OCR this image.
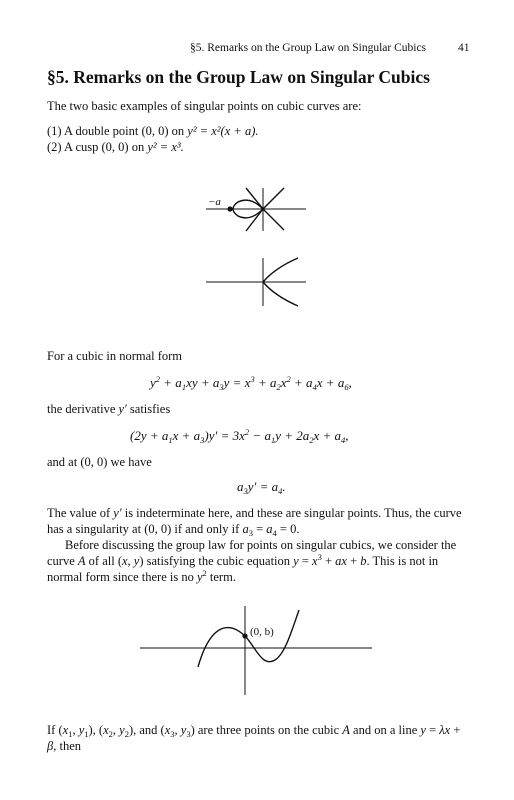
§5. Remarks on the Group Law on Singular Cubics	41
§5. Remarks on the Group Law on Singular Cubics
The two basic examples of singular points on cubic curves are:
(1) A double point (0, 0) on y² = x²(x + a).
(2) A cusp (0, 0) on y² = x³.
−a
For a cubic in normal form
$y^2 + a_1xy + a_3y = x^3 + a_2x^2 + a_4x + a_6$,
the derivative y′ satisfies
$(2y + a_1x + a_3)y' = 3x^2 - a_1y + 2a_2x + a_4$,
and at (0, 0) we have
$a_3y' = a_4$.
The value of y′ is indeterminate here, and these are singular points. Thus, the curve has a singularity at (0, 0) if and only if $a_3 = a_4 = 0$.
Before discussing the group law for points on singular cubics, we consider the curve A of all (x, y) satisfying the cubic equation $y = x^3$ + ax + b. This is not in normal form since there is no $y^2$ term.
(0, b)
If ($x_1$, $y_1$), ($x_2$, $y_2$), and ($x_3$, $y_3$) are three points on the cubic A and on a line y = λx + β, then
